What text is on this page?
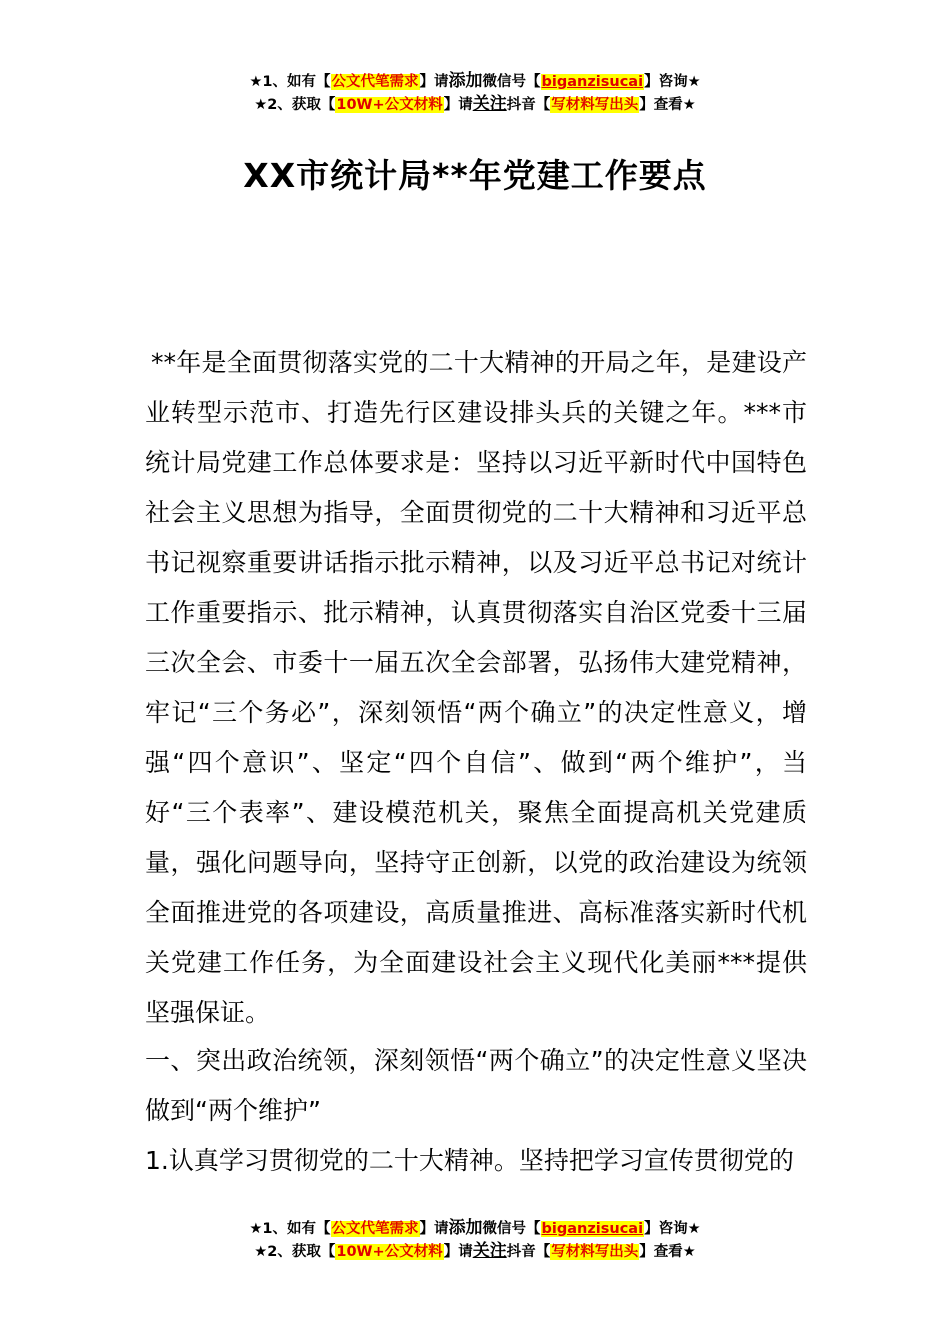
★1、如有【公文代笔需求】请添加微信号【biganzisucai】咨询★
★2、获取【10W+公文材料】请关注抖音【写材料写出头】查看★
XX市统计局**年党建工作要点
**年是全面贯彻落实党的二十大精神的开局之年，是建设产业转型示范市、打造先行区建设排头兵的关键之年。***市统计局党建工作总体要求是：坚持以习近平新时代中国特色社会主义思想为指导，全面贯彻党的二十大精神和习近平总书记视察重要讲话指示批示精神，以及习近平总书记对统计工作重要指示、批示精神，认真贯彻落实自治区党委十三届三次全会、市委十一届五次全会部署，弘扬伟大建党精神，牢记“三个务必”，深刻领悟“两个确立”的决定性意义，增强“四个意识”、坚定“四个自信”、做到“两个维护”，当好“三个表率”、建设模范机关，聚焦全面提高机关党建质量，强化问题导向，坚持守正创新，以党的政治建设为统领全面推进党的各项建设，高质量推进、高标准落实新时代机关党建工作任务，为全面建设社会主义现代化美丽***提供坚强保证。
一、突出政治统领，深刻领悟“两个确立”的决定性意义坚决做到“两个维护”
1.认真学习贯彻党的二十大精神。坚持把学习宣传贯彻党的
★1、如有【公文代笔需求】请添加微信号【biganzisucai】咨询★
★2、获取【10W+公文材料】请关注抖音【写材料写出头】查看★
